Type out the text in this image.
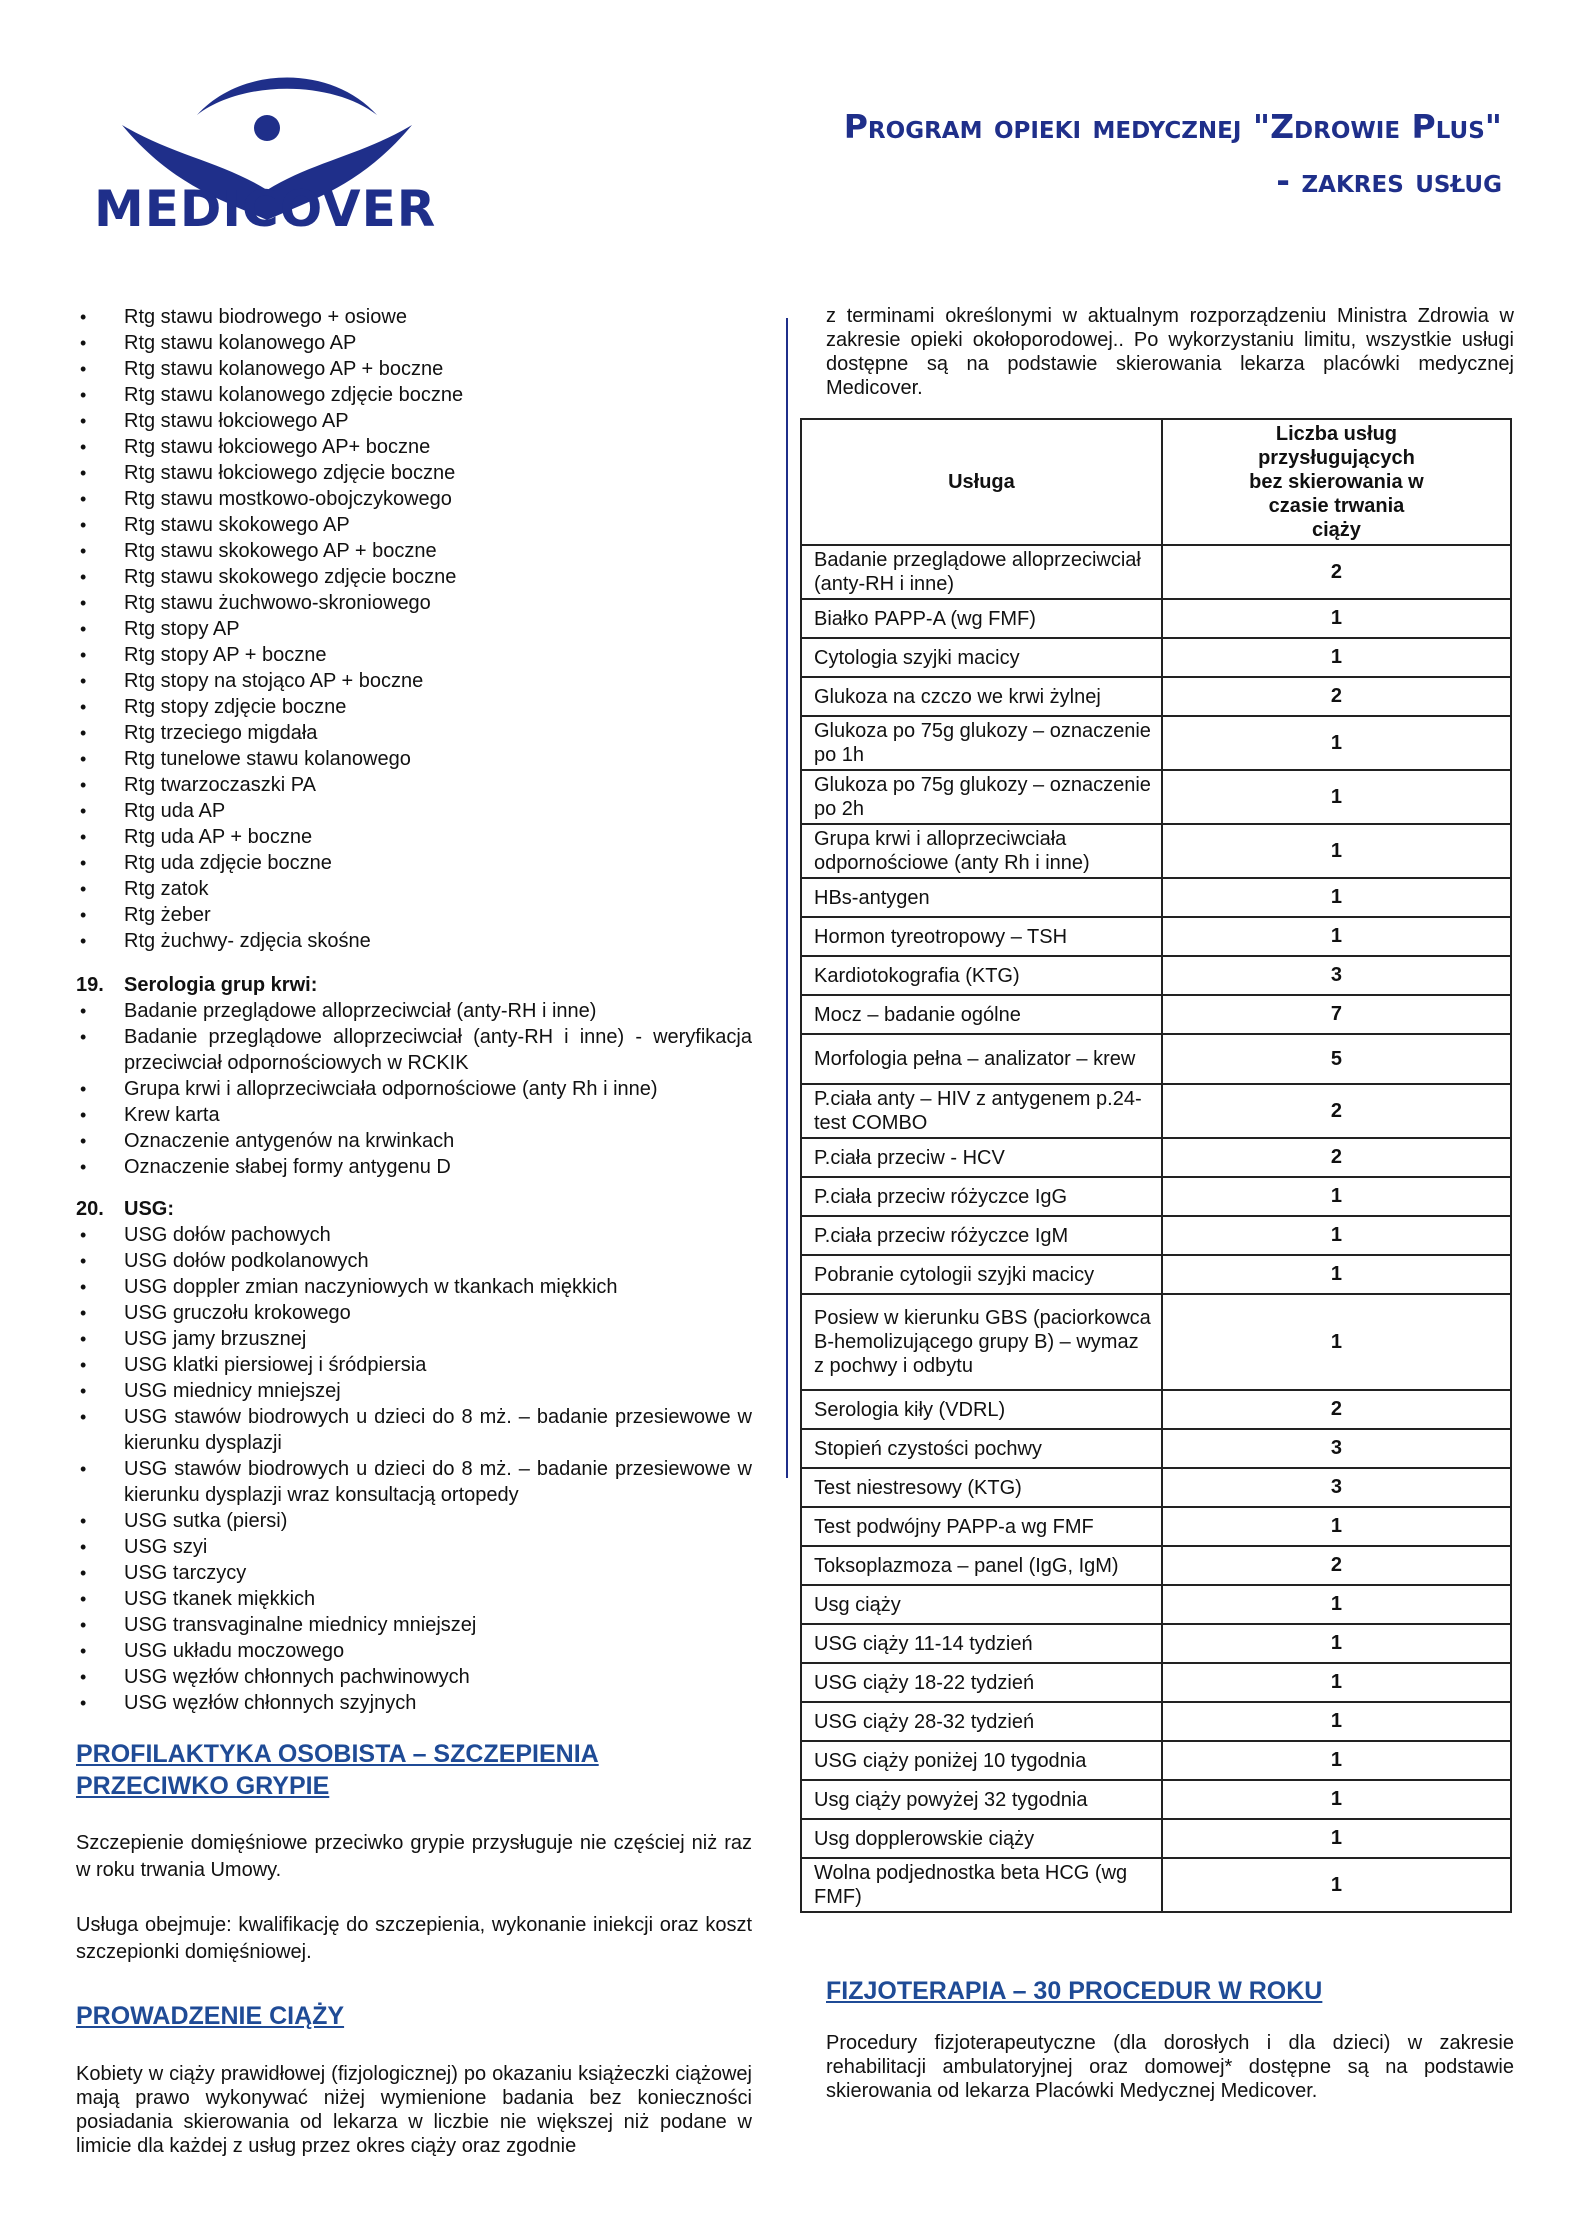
MEDICOVER
Program opieki medycznej "Zdrowie Plus"
- zakres usług
• Rtg stawu biodrowego + osiowe
• Rtg stawu kolanowego AP
• Rtg stawu kolanowego AP + boczne
• Rtg stawu kolanowego zdjęcie boczne
• Rtg stawu łokciowego AP
• Rtg stawu łokciowego AP+ boczne
• Rtg stawu łokciowego zdjęcie boczne
• Rtg stawu mostkowo-obojczykowego
• Rtg stawu skokowego AP
• Rtg stawu skokowego AP + boczne
• Rtg stawu skokowego zdjęcie boczne
• Rtg stawu żuchwowo-skroniowego
• Rtg stopy AP
• Rtg stopy AP + boczne
• Rtg stopy na stojąco AP + boczne
• Rtg stopy zdjęcie boczne
• Rtg trzeciego migdała
• Rtg tunelowe stawu kolanowego
• Rtg twarzoczaszki PA
• Rtg uda AP
• Rtg uda AP + boczne
• Rtg uda zdjęcie boczne
• Rtg zatok
• Rtg żeber
• Rtg żuchwy- zdjęcia skośne
19.	Serologia grup krwi:
• Badanie przeglądowe alloprzeciwciał (anty-RH i inne)
• Badanie przeglądowe alloprzeciwciał (anty-RH i inne) - weryfikacja przeciwciał odpornościowych w RCKIK
• Grupa krwi i alloprzeciwciała odpornościowe (anty Rh i inne)
• Krew karta
• Oznaczenie antygenów na krwinkach
• Oznaczenie słabej formy antygenu D
20.	USG:
• USG dołów pachowych
• USG dołów podkolanowych
• USG doppler zmian naczyniowych w tkankach miękkich
• USG gruczołu krokowego
• USG jamy brzusznej
• USG klatki piersiowej i śródpiersia
• USG miednicy mniejszej
• USG stawów biodrowych u dzieci do 8 mż. – badanie przesiewowe w kierunku dysplazji
• USG stawów biodrowych u dzieci do 8 mż. – badanie przesiewowe w kierunku dysplazji wraz konsultacją ortopedy
• USG sutka (piersi)
• USG szyi
• USG tarczycy
• USG tkanek miękkich
• USG transvaginalne miednicy mniejszej
• USG układu moczowego
• USG węzłów chłonnych pachwinowych
• USG węzłów chłonnych szyjnych
PROFILAKTYKA OSOBISTA – SZCZEPIENIA
PRZECIWKO GRYPIE

Szczepienie domięśniowe przeciwko grypie przysługuje nie częściej niż raz w roku trwania Umowy.

Usługa obejmuje: kwalifikację do szczepienia, wykonanie iniekcji oraz koszt szczepionki domięśniowej.

PROWADZENIE CIĄŻY

Kobiety w ciąży prawidłowej (fizjologicznej) po okazaniu książeczki ciążowej mają prawo wykonywać niżej wymienione badania bez konieczności posiadania skierowania od lekarza w liczbie nie większej niż podane w limicie dla każdej z usług przez okres ciąży oraz zgodnie

z terminami określonymi w aktualnym rozporządzeniu Ministra Zdrowia w zakresie opieki okołoporodowej.. Po wykorzystaniu limitu, wszystkie usługi dostępne są na podstawie skierowania lekarza placówki medycznej Medicover.

Usługa	Liczba usług przysługujących bez skierowania w czasie trwania ciąży

Badanie przeglądowe alloprzeciwciał (anty-RH i inne)	2
Białko PAPP-A (wg FMF)	1
Cytologia szyjki macicy	1
Glukoza na czczo we krwi żylnej	2
Glukoza po 75g glukozy – oznaczenie po 1h	1
Glukoza po 75g glukozy – oznaczenie po 2h	1
Grupa krwi i alloprzeciwciała odpornościowe (anty Rh i inne)	1
HBs-antygen	1
Hormon tyreotropowy – TSH	1
Kardiotokografia (KTG)	3
Mocz – badanie ogólne	7
Morfologia pełna – analizator – krew	5
P.ciała anty – HIV z antygenem p.24-test COMBO	2
P.ciała przeciw - HCV	2
P.ciała przeciw różyczce IgG	1
P.ciała przeciw różyczce IgM	1
Pobranie cytologii szyjki macicy	1
Posiew w kierunku GBS (paciorkowca B-hemolizującego grupy B) – wymaz z pochwy i odbytu	1
Serologia kiły (VDRL)	2
Stopień czystości pochwy	3
Test niestresowy (KTG)	3
Test podwójny PAPP-a wg FMF	1
Toksoplazmoza – panel (IgG, IgM)	2
Usg ciąży	1
USG ciąży 11-14 tydzień	1
USG ciąży 18-22 tydzień	1
USG ciąży 28-32 tydzień	1
USG ciąży poniżej 10 tygodnia	1
Usg ciąży powyżej 32 tygodnia	1
Usg dopplerowskie ciąży	1
Wolna podjednostka beta HCG (wg FMF)	1
FIZJOTERAPIA – 30 PROCEDUR W ROKU

Procedury fizjoterapeutyczne (dla dorosłych i dla dzieci) w zakresie rehabilitacji ambulatoryjnej oraz domowej* dostępne są na podstawie skierowania od lekarza Placówki Medycznej Medicover.
